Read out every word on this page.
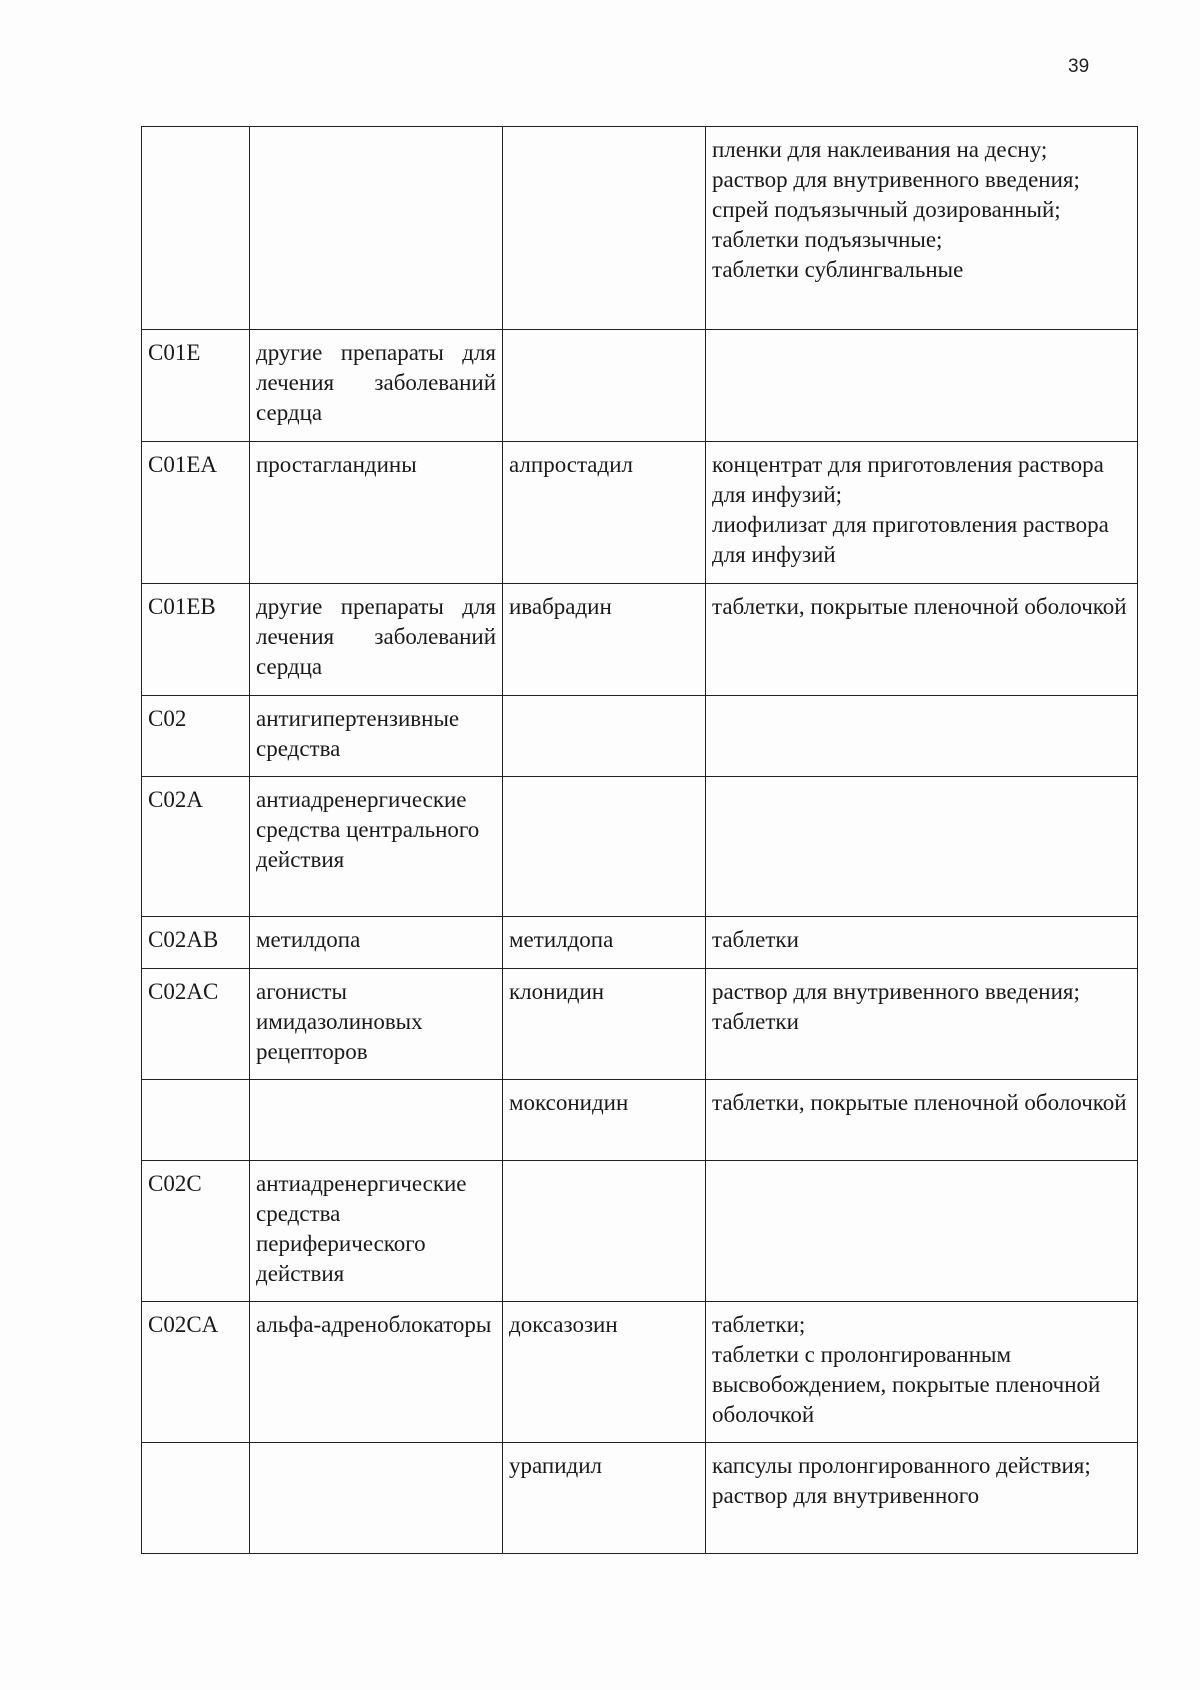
39
			пленки для наклеивания на десну;
раствор для внутривенного введения;
спрей подъязычный дозированный;
таблетки подъязычные;
таблетки сублингвальные
C01E	другие препараты для лечения заболеваний сердца		
C01EA	простагландины	алпростадил	концентрат для приготовления раствора для инфузий;
лиофилизат для приготовления раствора для инфузий
C01EB	другие препараты для лечения заболеваний сердца	ивабрадин	таблетки, покрытые пленочной оболочкой
C02	антигипертензивные средства		
C02A	антиадренергические средства центрального действия		
C02AB	метилдопа	метилдопа	таблетки
C02AC	агонисты имидазолиновых рецепторов	клонидин	раствор для внутривенного введения;
таблетки
		моксонидин	таблетки, покрытые пленочной оболочкой
C02C	антиадренергические средства периферического действия		
C02CA	альфа-адреноблокаторы	доксазозин	таблетки;
таблетки с пролонгированным высвобождением, покрытые пленочной оболочкой
		урапидил	капсулы пролонгированного действия;
раствор для внутривенного
